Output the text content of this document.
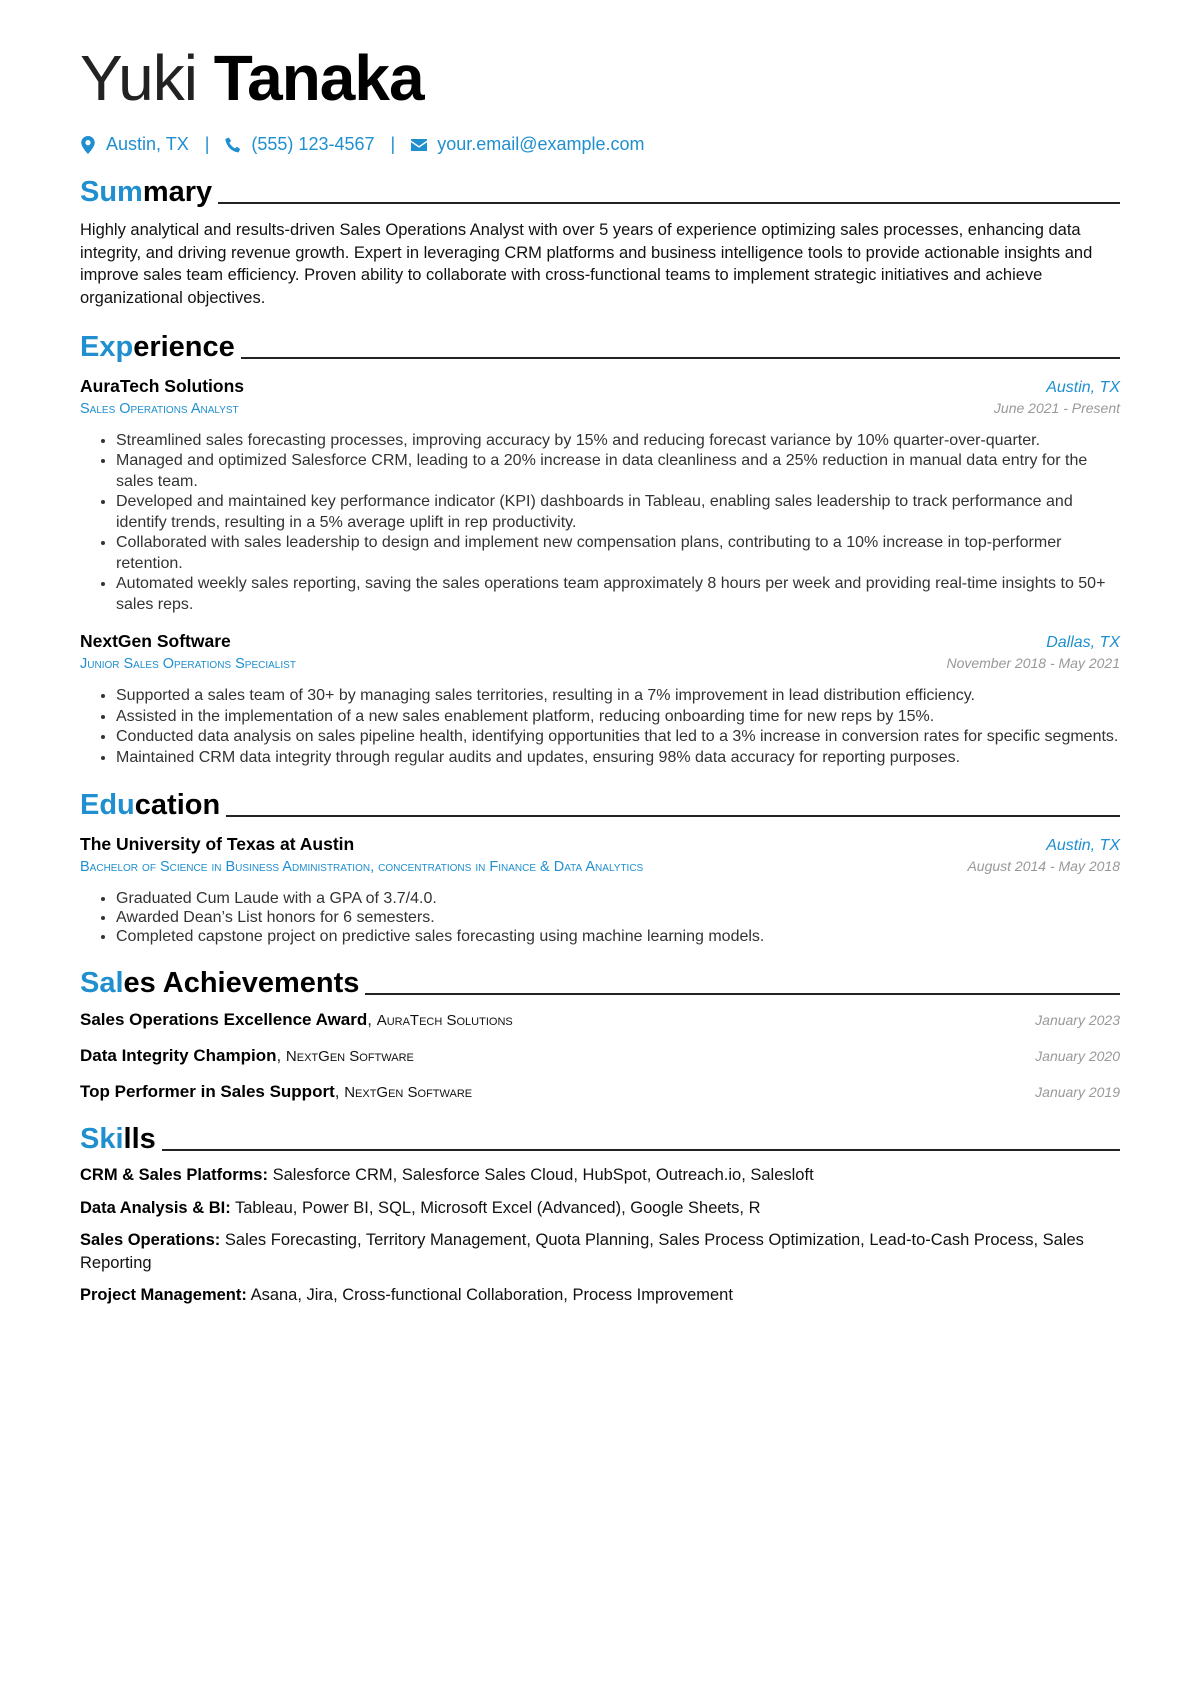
Yuki Tanaka
Austin, TX | (555) 123-4567 | your.email@example.com
Summary

Highly analytical and results-driven Sales Operations Analyst with over 5 years of experience optimizing sales processes, enhancing data integrity, and driving revenue growth. Expert in leveraging CRM platforms and business intelligence tools to provide actionable insights and improve sales team efficiency. Proven ability to collaborate with cross-functional teams to implement strategic initiatives and achieve organizational objectives.

Experience
AuraTech Solutions	Austin, TX
Sales Operations Analyst	June 2021 - Present
• Streamlined sales forecasting processes, improving accuracy by 15% and reducing forecast variance by 10% quarter-over-quarter.
• Managed and optimized Salesforce CRM, leading to a 20% increase in data cleanliness and a 25% reduction in manual data entry for the sales team.
• Developed and maintained key performance indicator (KPI) dashboards in Tableau, enabling sales leadership to track performance and identify trends, resulting in a 5% average uplift in rep productivity.
• Collaborated with sales leadership to design and implement new compensation plans, contributing to a 10% increase in top-performer retention.
• Automated weekly sales reporting, saving the sales operations team approximately 8 hours per week and providing real-time insights to 50+ sales reps.
NextGen Software	Dallas, TX
Junior Sales Operations Specialist	November 2018 - May 2021
• Supported a sales team of 30+ by managing sales territories, resulting in a 7% improvement in lead distribution efficiency.
• Assisted in the implementation of a new sales enablement platform, reducing onboarding time for new reps by 15%.
• Conducted data analysis on sales pipeline health, identifying opportunities that led to a 3% increase in conversion rates for specific segments.
• Maintained CRM data integrity through regular audits and updates, ensuring 98% data accuracy for reporting purposes.
Education
The University of Texas at Austin	Austin, TX
Bachelor of Science in Business Administration, concentrations in Finance & Data Analytics	August 2014 - May 2018
• Graduated Cum Laude with a GPA of 3.7/4.0.
• Awarded Dean’s List honors for 6 semesters.
• Completed capstone project on predictive sales forecasting using machine learning models.
Sales Achievements
Sales Operations Excellence Award, AuraTech Solutions	January 2023
Data Integrity Champion, NextGen Software	January 2020
Top Performer in Sales Support, NextGen Software	January 2019
Skills

CRM & Sales Platforms: Salesforce CRM, Salesforce Sales Cloud, HubSpot, Outreach.io, Salesloft

Data Analysis & BI: Tableau, Power BI, SQL, Microsoft Excel (Advanced), Google Sheets, R

Sales Operations: Sales Forecasting, Territory Management, Quota Planning, Sales Process Optimization, Lead-to-Cash Process, Sales Reporting

Project Management: Asana, Jira, Cross-functional Collaboration, Process Improvement
